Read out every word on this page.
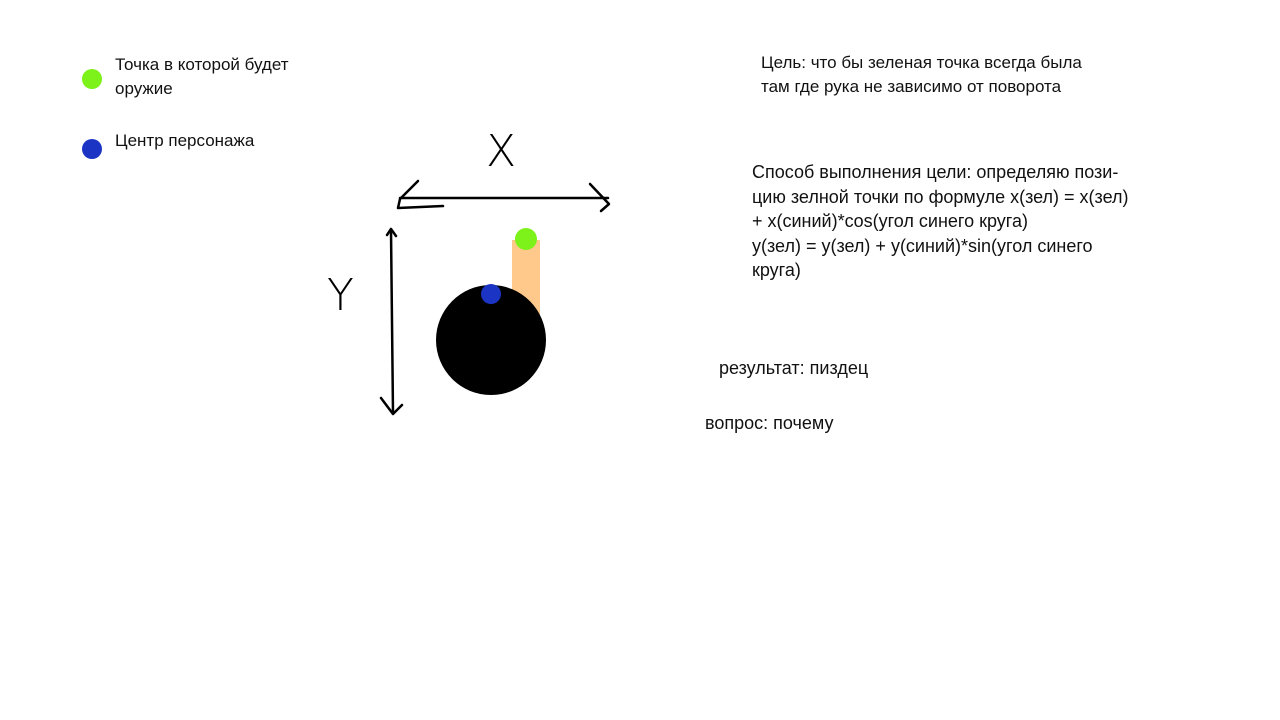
Точка в которой будет
оружие
Центр персонажа	X
Y
Цель: что бы зеленая точка всегда была
там где рука не зависимо от поворота
Способ выполнения цели: определяю пози-
цию зелной точки по формуле x(зел) = x(зел)
+ x(синий)*cos(угол синего круга)
y(зел) = y(зел) + y(синий)*sin(угол синего
круга)
результат: пиздец
вопрос: почему
